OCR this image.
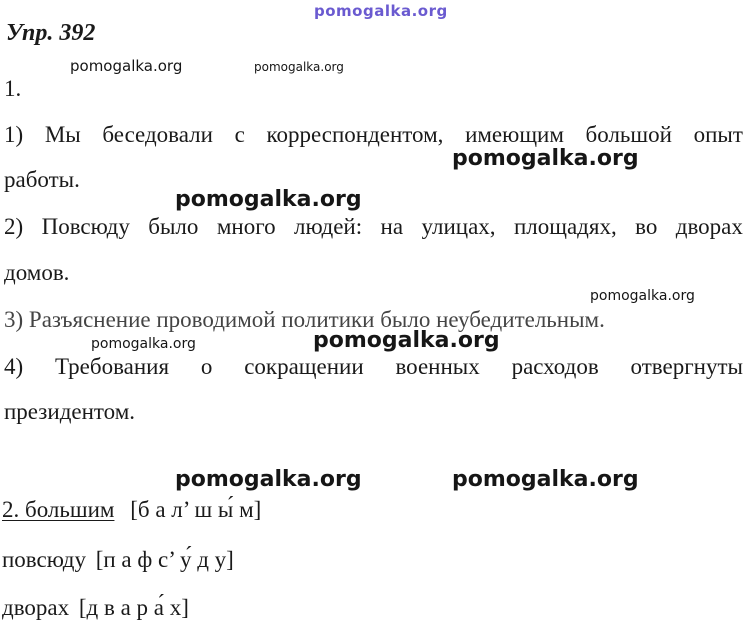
pomogalka.org
Упр. 392
pomogalka.org	pomogalka.org
1.
1) Мы беседовали с корреспондентом, имеющим большой опыт
работы.
pomogalka.org
pomogalka.org
2) Повсюду было много людей: на улицах, площадях, во дворах
домов.
pomogalka.org
3) Разъяснение проводимой политики было неубедительным.
pomogalka.org	pomogalka.org
4) Требования о сокращении военных расходов отвергнуты
президентом.
pomogalka.org	pomogalka.org
2. большим [б а л’ ш ы́ м]
повсюду [п а ф с’ у́ д у]
дворах [д в а р а́ х]
